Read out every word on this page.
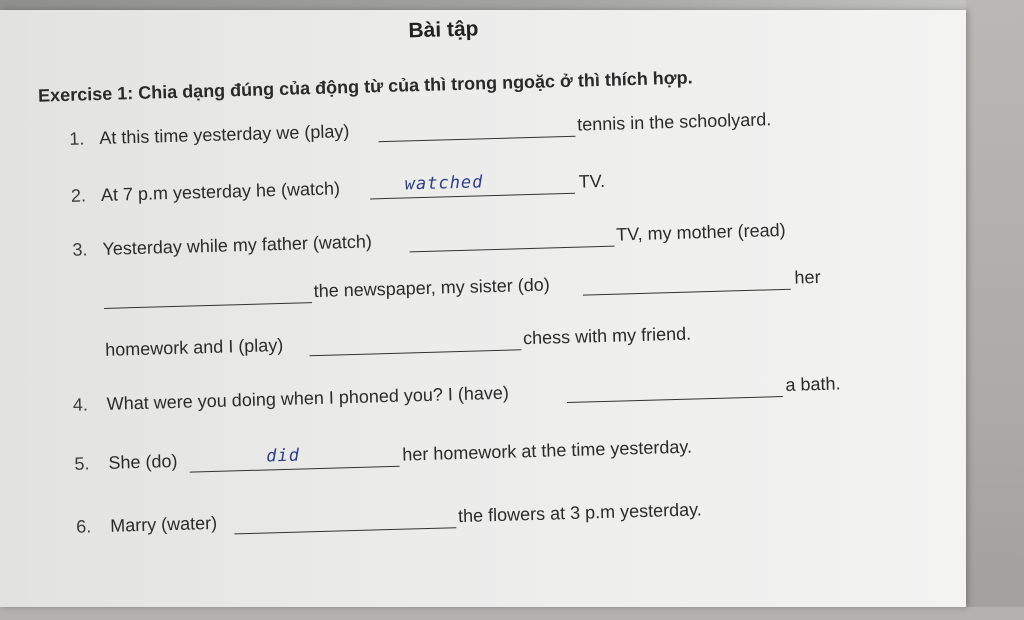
Bài tập
Exercise 1: Chia dạng đúng của động từ của thì trong ngoặc ở thì thích hợp.
1. At this time yesterday we (play)	tennis in the schoolyard.
2. At 7 p.m yesterday he (watch)	watched	TV.
3. Yesterday while my father (watch)	TV, my mother (read)
the newspaper, my sister (do)	her
homework and I (play)	chess with my friend.
4. What were you doing when I phoned you? I (have)	a bath.
5. She (do)	did	her homework at the time yesterday.
6. Marry (water)	the flowers at 3 p.m yesterday.
